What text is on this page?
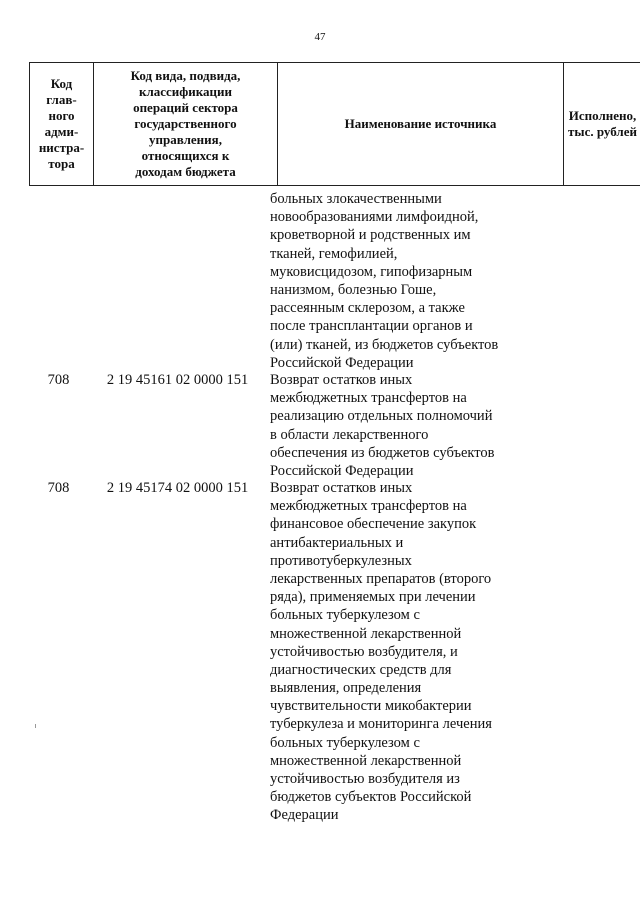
47
Код
глав-
ного
адми-
нистра-
тора

Код вида, подвида,
классификации
операций сектора
государственного
управления,
относящихся к
доходам бюджета

Наименование источника

Исполнено,
тыс. рублей
больных злокачественными
новообразованиями лимфоидной,
кроветворной и родственных им
тканей, гемофилией,
муковисцидозом, гипофизарным
нанизмом, болезнью Гоше,
рассеянным склерозом, а также
после трансплантации органов и
(или) тканей, из бюджетов субъектов
Российской Федерации
708	2 19 45161 02 0000 151	Возврат остатков иных
межбюджетных трансфертов на
реализацию отдельных полномочий
в области лекарственного
обеспечения из бюджетов субъектов
Российской Федерации
708	2 19 45174 02 0000 151	Возврат остатков иных
межбюджетных трансфертов на
финансовое обеспечение закупок
антибактериальных и
противотуберкулезных
лекарственных препаратов (второго
ряда), применяемых при лечении
больных туберкулезом с
множественной лекарственной
устойчивостью возбудителя, и
диагностических средств для
выявления, определения
чувствительности микобактерии
туберкулеза и мониторинга лечения
больных туберкулезом с
множественной лекарственной
устойчивостью возбудителя из
бюджетов субъектов Российской
Федерации
